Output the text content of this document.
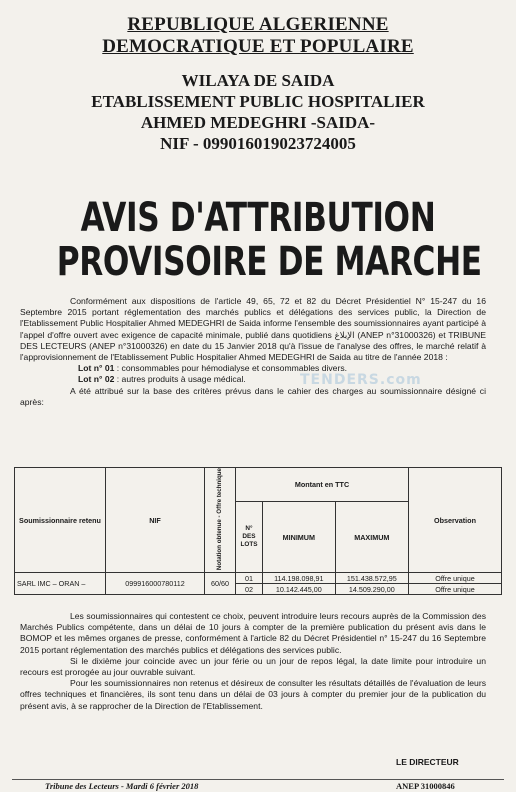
REPUBLIQUE ALGERIENNE
DEMOCRATIQUE ET POPULAIRE
WILAYA DE SAIDA
ETABLISSEMENT PUBLIC HOSPITALIER
AHMED MEDEGHRI -SAIDA-
NIF - 099016019023724005
AVIS D'ATTRIBUTION
PROVISOIRE DE MARCHE

Conformément aux dispositions de l'article 49, 65, 72 et 82 du Décret Présidentiel N° 15-247 du 16 Septembre 2015 portant réglementation des marchés publics et délégations des services public, la Direction de l'Etablissement Public Hospitalier Ahmed MEDEGHRI de Saida informe l'ensemble des soumissionnaires ayant participé à l'appel d'offre ouvert avec exigence de capacité minimale, publié dans quotidiens الإبلاغ (ANEP n°31000326) et TRIBUNE DES LECTEURS (ANEP n°31000326) en date du 15 Janvier 2018 qu'à l'issue de l'analyse des offres, le marché relatif à l'approvisionnement de l'Etablissement Public Hospitalier Ahmed MEDEGHRI de Saida au titre de l'année 2018 :

Lot n° 01 : consommables pour hémodialyse et consommables divers.
Lot n° 02 : autres produits à usage médical.

A été attribué sur la base des critères prévus dans le cahier des charges au soumissionnaire désigné ci après:

TENDERS.com
Soumissionnaire retenu	NIF	Notation obtenue - Offre technique	Montant en TTC			Observation
			N° DES LOTS	MINIMUM	MAXIMUM	

SARL IMC – ORAN –	099916000780112	60/60	01	114.198.098,91	151.438.572,95	Offre unique
			02	10.142.445,00	14.509.290,00	Offre unique

Les soumissionnaires qui contestent ce choix, peuvent introduire leurs recours auprès de la Commission des Marchés Publics compétente, dans un délai de 10 jours à compter de la première publication du présent avis dans le BOMOP et les mêmes organes de presse, conformément à l'article 82 du Décret Présidentiel n° 15-247 du 16 Septembre 2015 portant réglementation des marchés publics et délégations des services public.

Si le dixième jour coincide avec un jour férie ou un jour de repos légal, la date limite pour introduire un recours est prorogée au jour ouvrable suivant.

Pour les soumissionnaires non retenus et désireux de consulter les résultats détaillés de l'évaluation de leurs offres techniques et financières, ils sont tenu dans un délai de 03 jours à compter du premier jour de la publication du présent avis, à se rapprocher de la Direction de l'Etablissement.

LE DIRECTEUR
Tribune des Lecteurs - Mardi 6 février 2018	ANEP 31000846
